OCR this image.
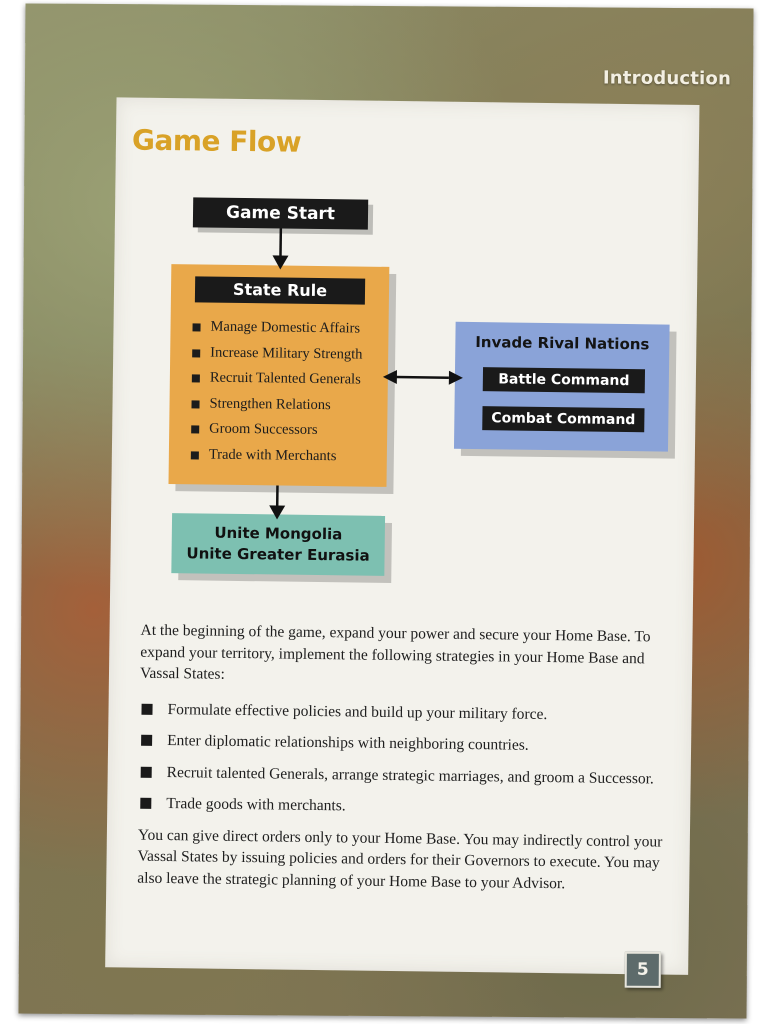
Introduction
Game Flow
Game Start
State Rule
Manage Domestic Affairs
Increase Military Strength
Recruit Talented Generals
Strengthen Relations
Groom Successors
Trade with Merchants
Invade Rival Nations
Battle Command
Combat Command
Unite Mongolia
Unite Greater Eurasia

At the beginning of the game, expand your power and secure your Home Base. To expand your territory, implement the following strategies in your Home Base and Vassal States:

Formulate effective policies and build up your military force.
Enter diplomatic relationships with neighboring countries.
Recruit talented Generals, arrange strategic marriages, and groom a Successor.
Trade goods with merchants.

You can give direct orders only to your Home Base. You may indirectly control your Vassal States by issuing policies and orders for their Governors to execute. You may also leave the strategic planning of your Home Base to your Advisor.

5
